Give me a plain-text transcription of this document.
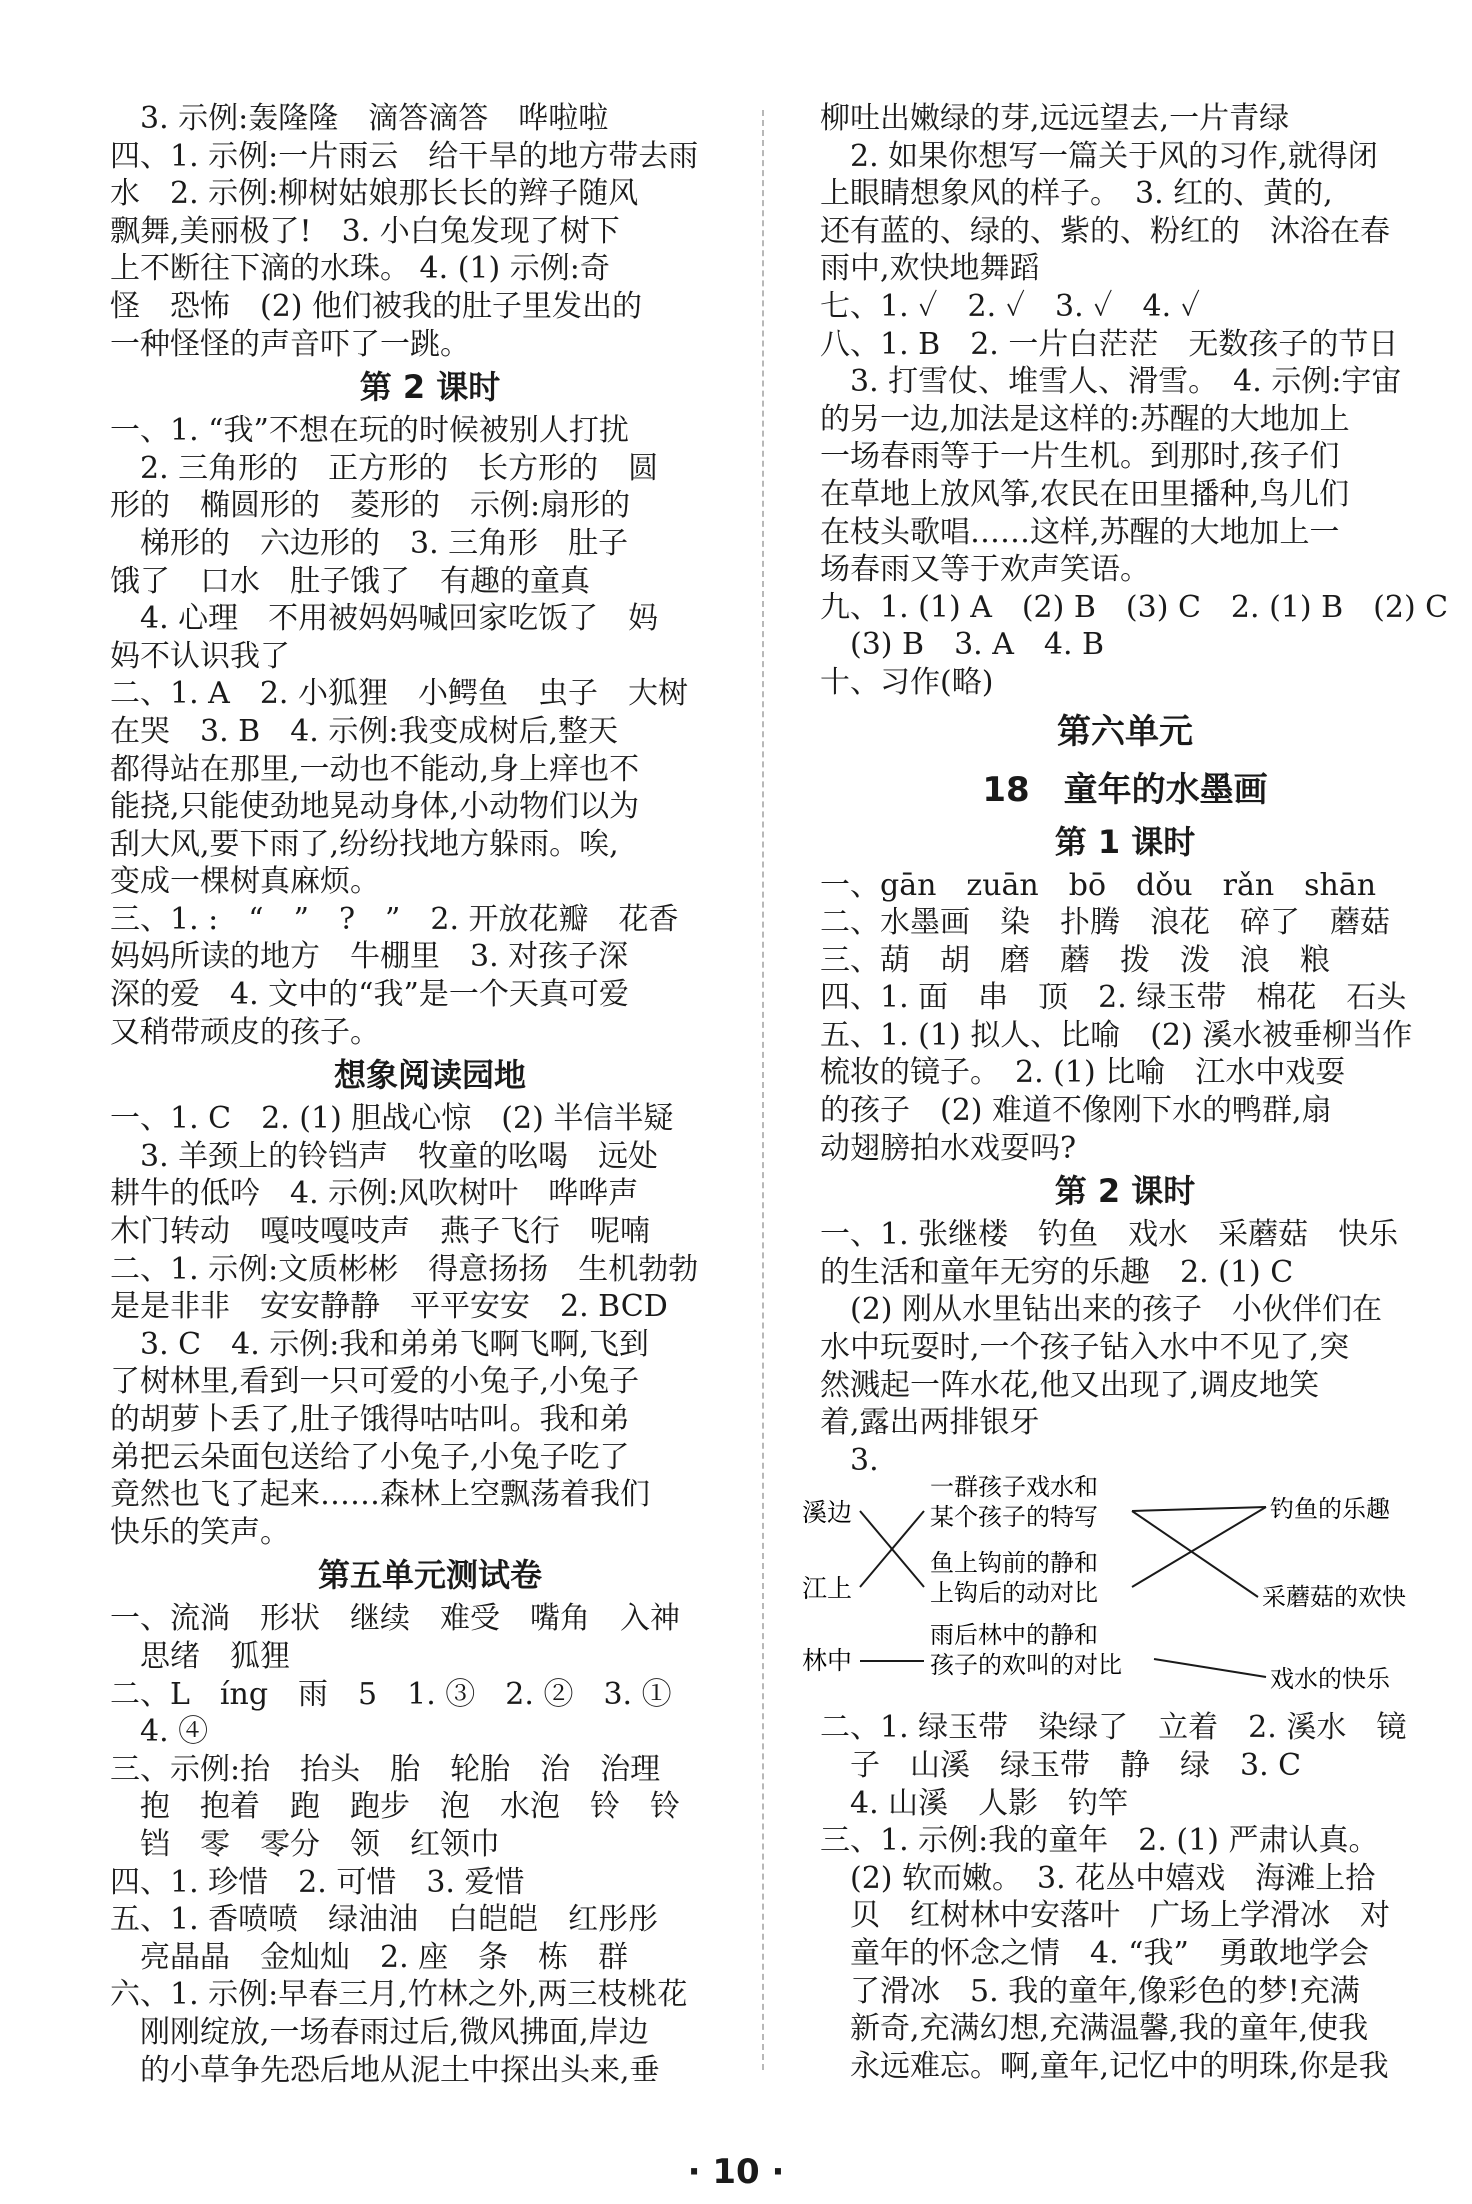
　3. 示例:轰隆隆　滴答滴答　哗啦啦
四、1. 示例:一片雨云　给干旱的地方带去雨
水　2. 示例:柳树姑娘那长长的辫子随风
飘舞,美丽极了!　3. 小白兔发现了树下
上不断往下滴的水珠。 4. (1) 示例:奇
怪　恐怖　(2) 他们被我的肚子里发出的
一种怪怪的声音吓了一跳。
第 2 课时
一、1. “我”不想在玩的时候被别人打扰
　2. 三角形的　正方形的　长方形的　圆
形的　椭圆形的　菱形的　示例:扇形的
　梯形的　六边形的　3. 三角形　肚子
饿了　口水　肚子饿了　有趣的童真
　4. 心理　不用被妈妈喊回家吃饭了　妈
妈不认识我了
二、1. A　2. 小狐狸　小鳄鱼　虫子　大树
在哭　3. B　4. 示例:我变成树后,整天
都得站在那里,一动也不能动,身上痒也不
能挠,只能使劲地晃动身体,小动物们以为
刮大风,要下雨了,纷纷找地方躲雨。唉,
变成一棵树真麻烦。
三、1. :　“　”　?　”　2. 开放花瓣　花香
妈妈所读的地方　牛棚里　3. 对孩子深
深的爱　4. 文中的“我”是一个天真可爱
又稍带顽皮的孩子。
想象阅读园地
一、1. C　2. (1) 胆战心惊　(2) 半信半疑
　3. 羊颈上的铃铛声　牧童的吆喝　远处
耕牛的低吟　4. 示例:风吹树叶　哗哗声
木门转动　嘎吱嘎吱声　燕子飞行　呢喃
二、1. 示例:文质彬彬　得意扬扬　生机勃勃
是是非非　安安静静　平平安安　2. BCD
　3. C　4. 示例:我和弟弟飞啊飞啊,飞到
了树林里,看到一只可爱的小兔子,小兔子
的胡萝卜丢了,肚子饿得咕咕叫。我和弟
弟把云朵面包送给了小兔子,小兔子吃了
竟然也飞了起来……森林上空飘荡着我们
快乐的笑声。
第五单元测试卷
一、流淌　形状　继续　难受　嘴角　入神
　思绪　狐狸
二、L　íng　雨　5　1. ③　2. ②　3. ①
　4. ④
三、示例:抬　抬头　胎　轮胎　治　治理
　抱　抱着　跑　跑步　泡　水泡　铃　铃
　铛　零　零分　领　红领巾
四、1. 珍惜　2. 可惜　3. 爱惜
五、1. 香喷喷　绿油油　白皑皑　红彤彤
　亮晶晶　金灿灿　2. 座　条　栋　群
六、1. 示例:早春三月,竹林之外,两三枝桃花
　刚刚绽放,一场春雨过后,微风拂面,岸边
　的小草争先恐后地从泥土中探出头来,垂
柳吐出嫩绿的芽,远远望去,一片青绿
　2. 如果你想写一篇关于风的习作,就得闭
上眼睛想象风的样子。　3. 红的、黄的,
还有蓝的、绿的、紫的、粉红的　沐浴在春
雨中,欢快地舞蹈
七、1. ✓　2. ✓　3. ✓　4. ✓
八、1. B　2. 一片白茫茫　无数孩子的节日
　3. 打雪仗、堆雪人、滑雪。　4. 示例:宇宙
的另一边,加法是这样的:苏醒的大地加上
一场春雨等于一片生机。到那时,孩子们
在草地上放风筝,农民在田里播种,鸟儿们
在枝头歌唱……这样,苏醒的大地加上一
场春雨又等于欢声笑语。
九、1. (1) A　(2) B　(3) C　2. (1) B　(2) C
　(3) B　3. A　4. B
十、习作(略)
第六单元
18　童年的水墨画
第 1 课时
一、gān　zuān　bō　dǒu　rǎn　shān
二、水墨画　染　扑腾　浪花　碎了　蘑菇
三、葫　胡　磨　蘑　拨　泼　浪　粮
四、1. 面　串　顶　2. 绿玉带　棉花　石头
五、1. (1) 拟人、比喻　(2) 溪水被垂柳当作
梳妆的镜子。　2. (1) 比喻　江水中戏耍
的孩子　(2) 难道不像刚下水的鸭群,扇
动翅膀拍水戏耍吗?
第 2 课时
一、1. 张继楼　钓鱼　戏水　采蘑菇　快乐
的生活和童年无穷的乐趣　2. (1) C
　(2) 刚从水里钻出来的孩子　小伙伴们在
水中玩耍时,一个孩子钻入水中不见了,突
然溅起一阵水花,他又出现了,调皮地笑
着,露出两排银牙
　3.
溪边
江上
林中
一群孩子戏水和
某个孩子的特写
鱼上钩前的静和
上钩后的动对比
雨后林中的静和
孩子的欢叫的对比
钓鱼的乐趣
采蘑菇的欢快
戏水的快乐
二、1. 绿玉带　染绿了　立着　2. 溪水　镜
　子　山溪　绿玉带　静　绿　3. C
　4. 山溪　人影　钓竿
三、1. 示例:我的童年　2. (1) 严肃认真。
　(2) 软而嫩。　3. 花丛中嬉戏　海滩上拾
　贝　红树林中安落叶　广场上学滑冰　对
　童年的怀念之情　4. “我”　勇敢地学会
　了滑冰　5. 我的童年,像彩色的梦!充满
　新奇,充满幻想,充满温馨,我的童年,使我
　永远难忘。啊,童年,记忆中的明珠,你是我
· 10 ·
